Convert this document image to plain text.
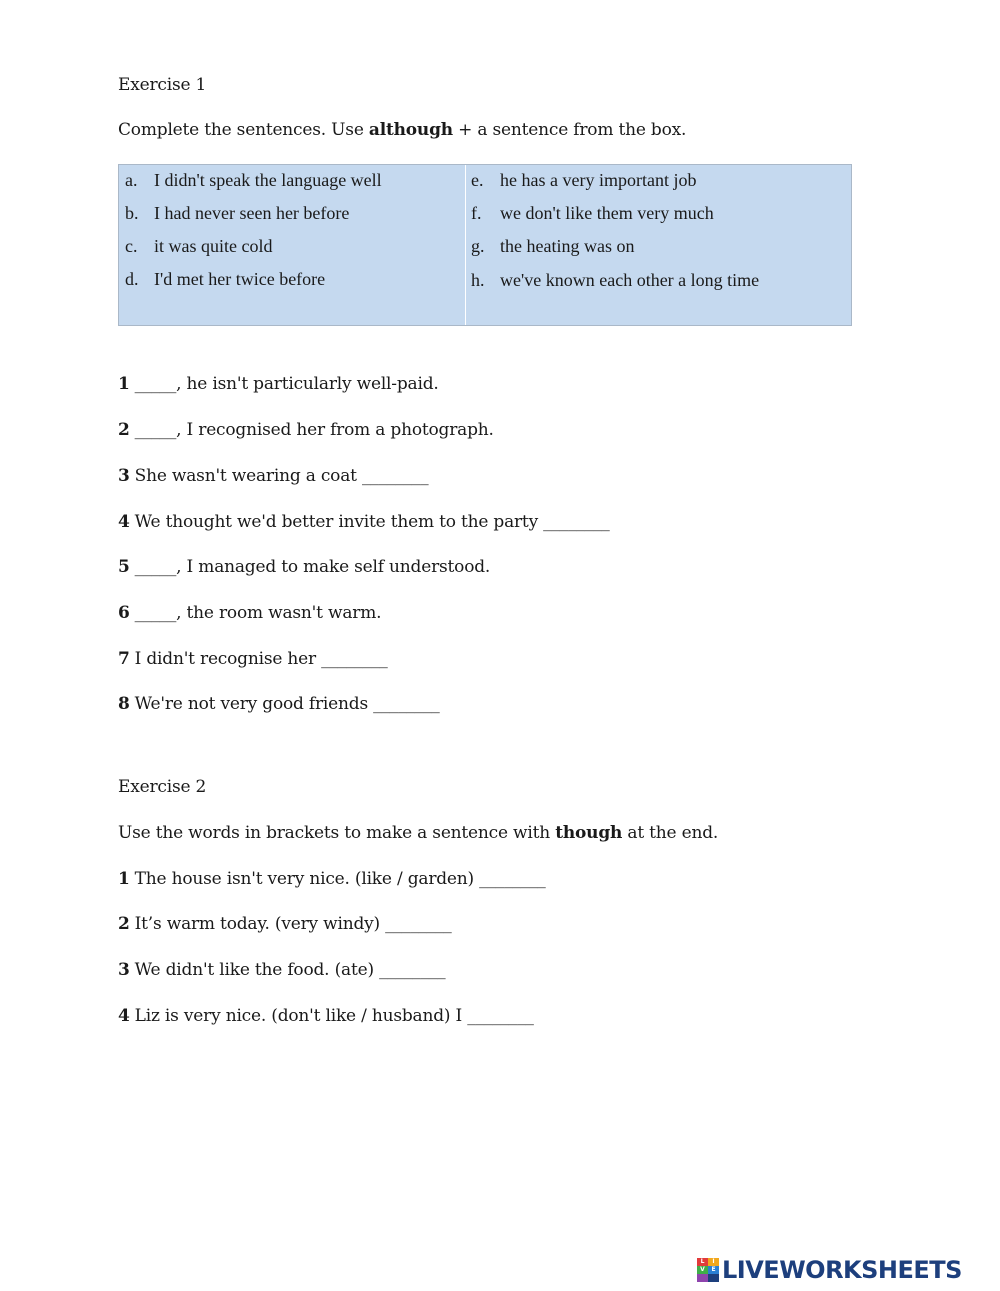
Exercise 1
Complete the sentences. Use although + a sentence from the box.
a. I didn't speak the language well
b. I had never seen her before
c. it was quite cold
d. I'd met her twice before
e. he has a very important job
f. we don't like them very much
g. the heating was on
h. we've known each other a long time
1 _____, he isn't particularly well-paid.
2 _____, I recognised her from a photograph.
3 She wasn't wearing a coat ________
4 We thought we'd better invite them to the party ________
5 _____, I managed to make self understood.
6 _____, the room wasn't warm.
7 I didn't recognise her ________
8 We're not very good friends ________
Exercise 2
Use the words in brackets to make a sentence with though at the end.
1 The house isn't very nice. (like / garden) ________
2 It’s warm today. (very windy) ________
3 We didn't like the food. (ate) ________
4 Liz is very nice. (don't like / husband) I ________
L	I
V	E LIVEWORKSHEETS
